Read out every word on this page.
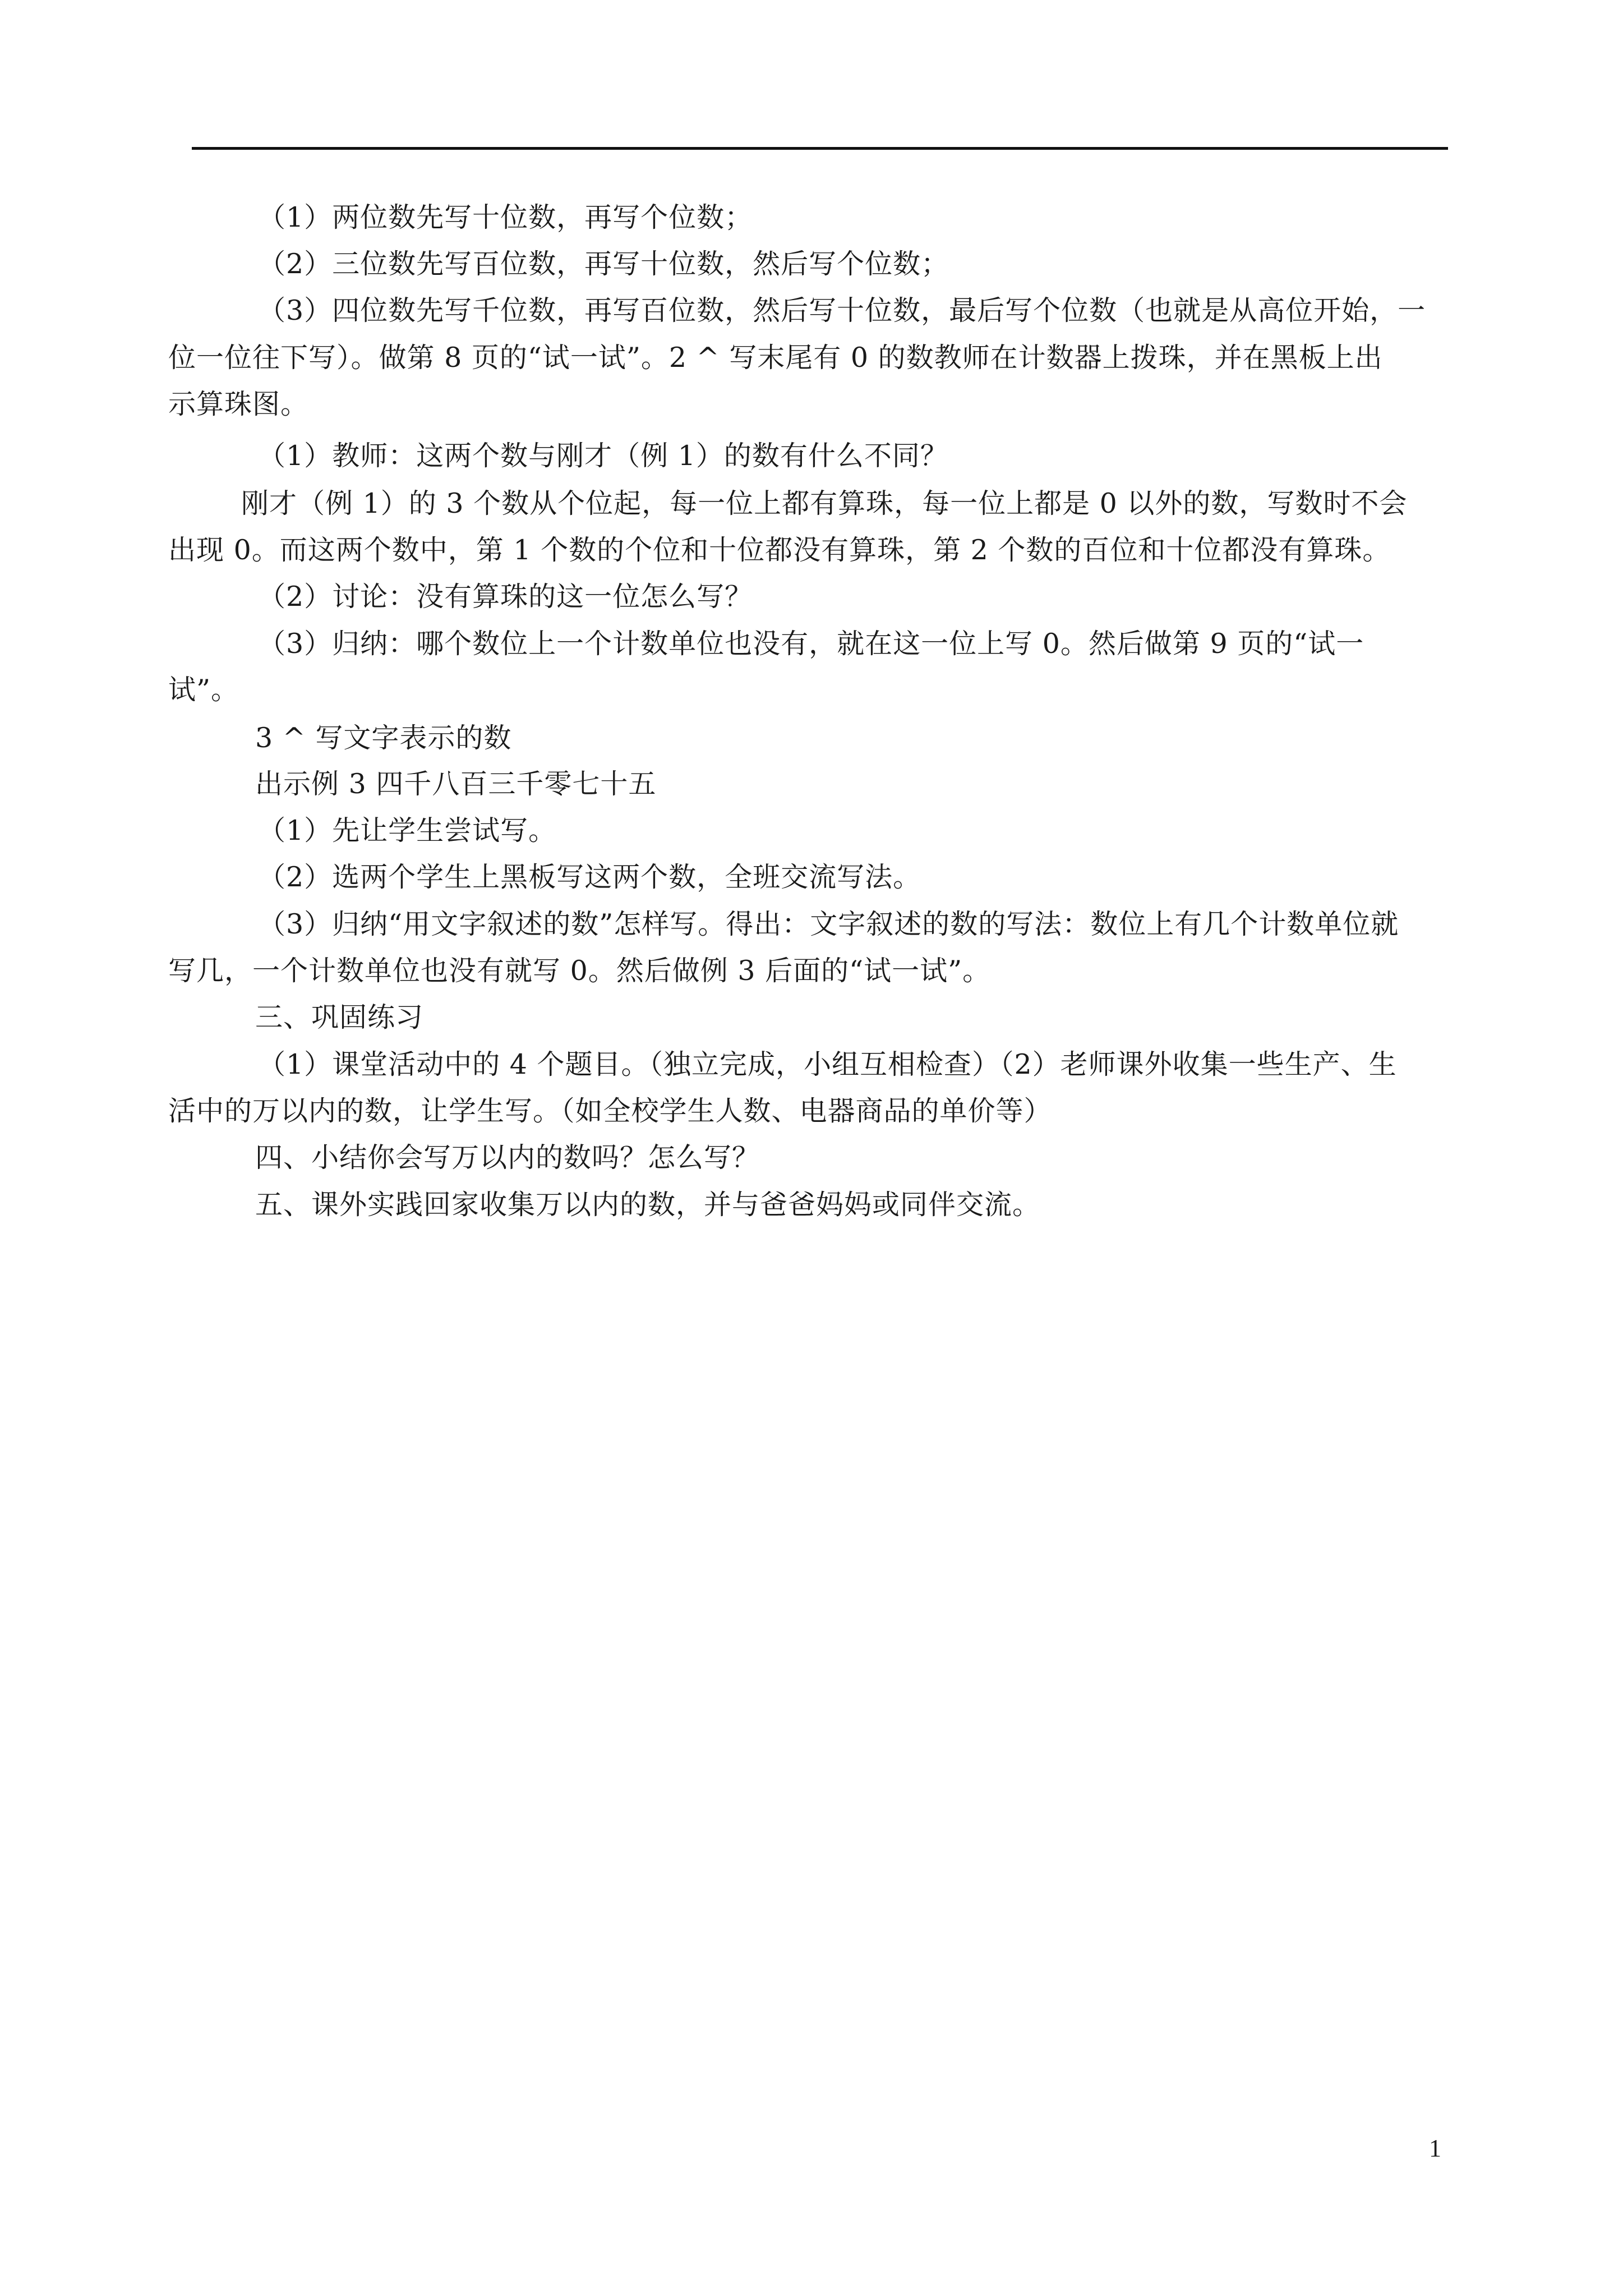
（1）两位数先写十位数，再写个位数；
（2）三位数先写百位数，再写十位数，然后写个位数；
（3）四位数先写千位数，再写百位数，然后写十位数，最后写个位数（也就是从高位开始，一
位一位往下写）。做第 8 页的“试一试”。2 ^ 写末尾有 0 的数教师在计数器上拨珠，并在黑板上出
示算珠图。
（1）教师：这两个数与刚才（例 1）的数有什么不同？
刚才（例 1）的 3 个数从个位起，每一位上都有算珠，每一位上都是 0 以外的数，写数时不会
出现 0。而这两个数中，第 1 个数的个位和十位都没有算珠，第 2 个数的百位和十位都没有算珠。
（2）讨论：没有算珠的这一位怎么写？
（3）归纳：哪个数位上一个计数单位也没有，就在这一位上写 0。然后做第 9 页的“试一
试”。
3 ^ 写文字表示的数
出示例 3 四千八百三千零七十五
（1）先让学生尝试写。
（2）选两个学生上黑板写这两个数，全班交流写法。
（3）归纳“用文字叙述的数”怎样写。得出：文字叙述的数的写法：数位上有几个计数单位就
写几，一个计数单位也没有就写 0。然后做例 3 后面的“试一试”。
三、巩固练习
（1）课堂活动中的 4 个题目。（独立完成，小组互相检查）（2）老师课外收集一些生产、生
活中的万以内的数，让学生写。（如全校学生人数、电器商品的单价等）
四、小结你会写万以内的数吗？怎么写？
五、课外实践回家收集万以内的数，并与爸爸妈妈或同伴交流。
1
